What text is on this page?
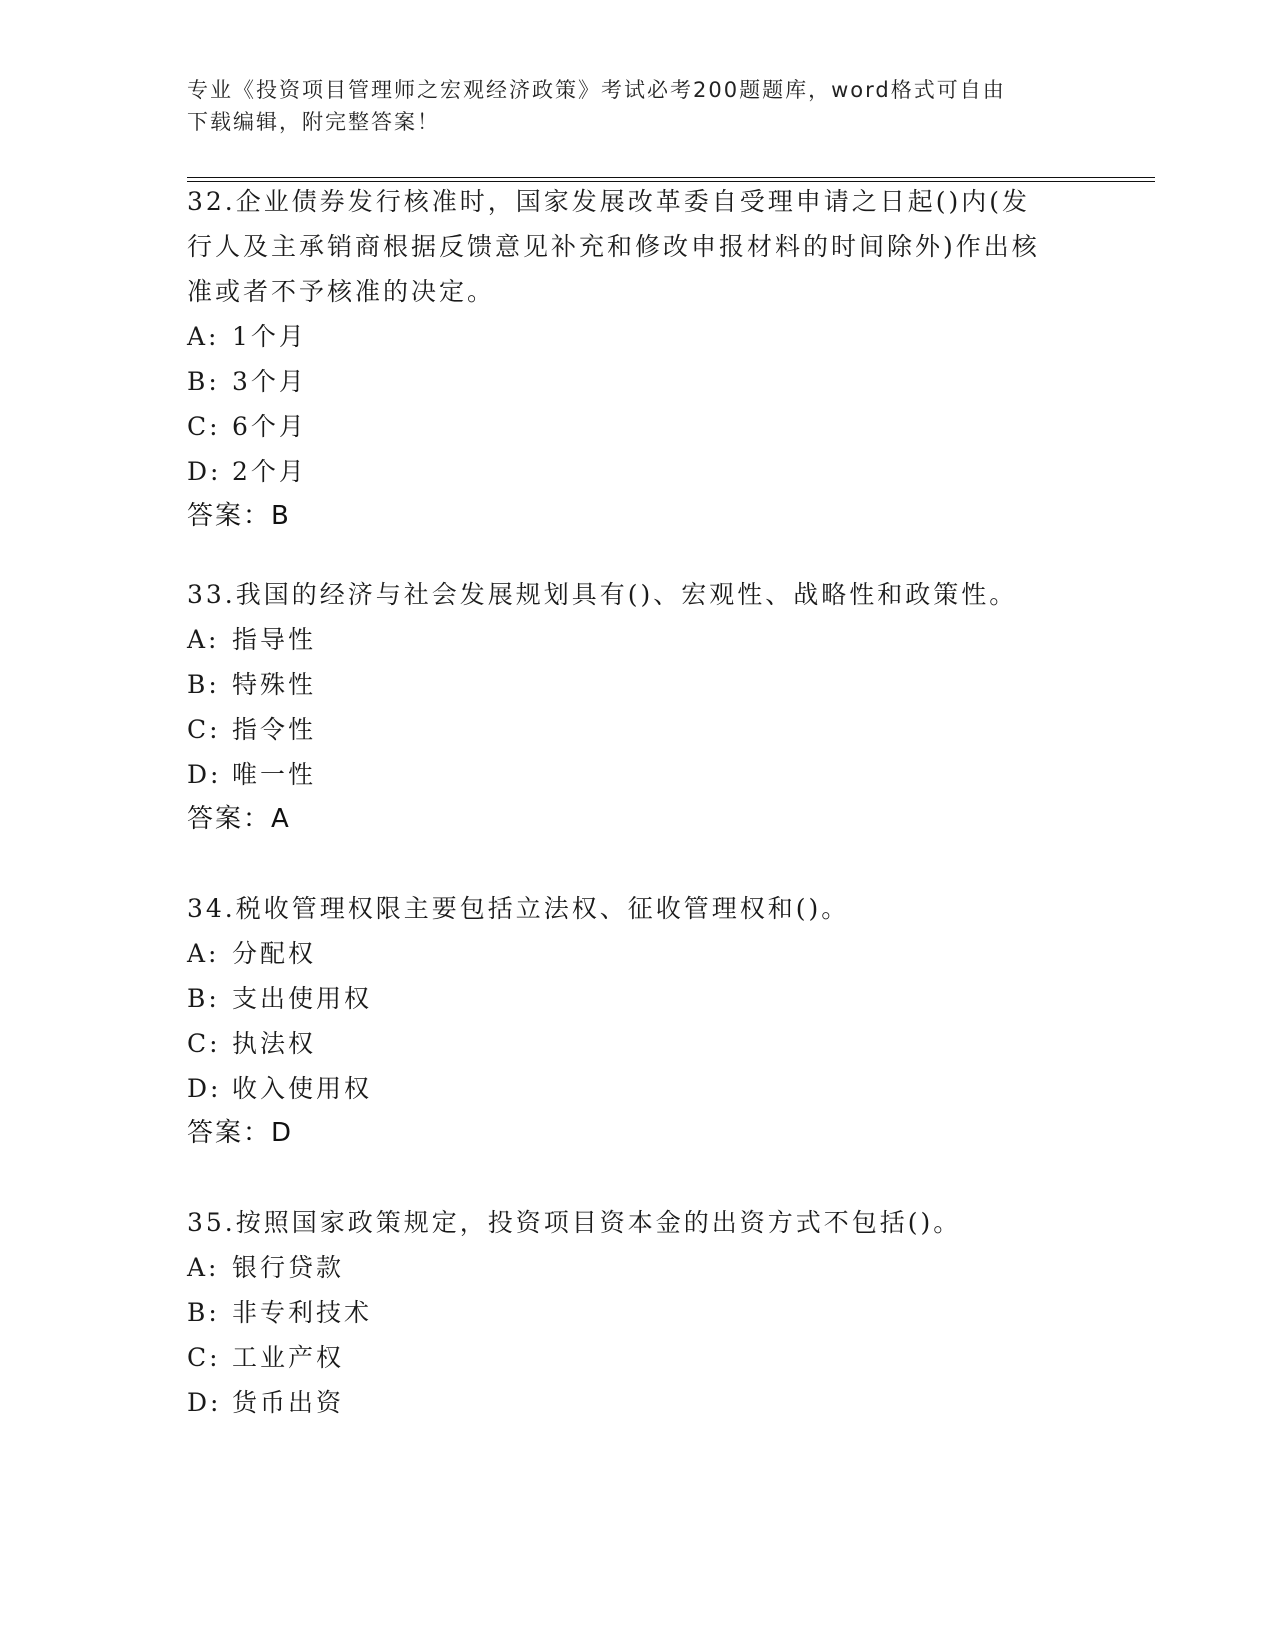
专业《投资项目管理师之宏观经济政策》考试必考200题题库，word格式可自由
下载编辑，附完整答案！

32.企业债券发行核准时，国家发展改革委自受理申请之日起()内(发
行人及主承销商根据反馈意见补充和修改申报材料的时间除外)作出核
准或者不予核准的决定。

A: 1个月
B: 3个月
C: 6个月
D: 2个月
答案：B

33.我国的经济与社会发展规划具有()、宏观性、战略性和政策性。

A: 指导性
B: 特殊性
C: 指令性
D: 唯一性
答案：A

34.税收管理权限主要包括立法权、征收管理权和()。

A: 分配权
B: 支出使用权
C: 执法权
D: 收入使用权
答案：D

35.按照国家政策规定，投资项目资本金的出资方式不包括()。

A: 银行贷款
B: 非专利技术
C: 工业产权
D: 货币出资
